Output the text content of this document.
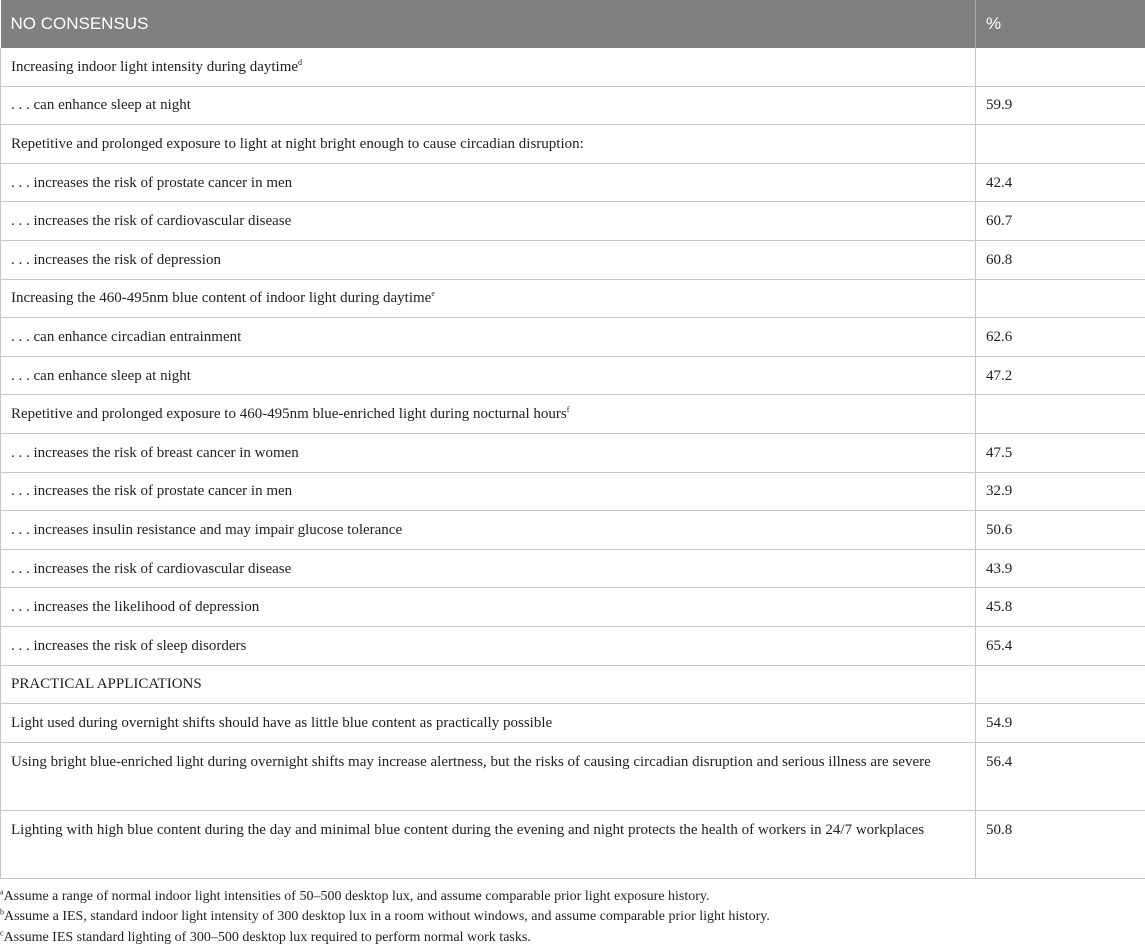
NO CONSENSUS	%
Increasing indoor light intensity during daytime$^d$	
. . . can enhance sleep at night	59.9
Repetitive and prolonged exposure to light at night bright enough to cause circadian disruption:	
. . . increases the risk of prostate cancer in men	42.4
. . . increases the risk of cardiovascular disease	60.7
. . . increases the risk of depression	60.8
Increasing the 460-495nm blue content of indoor light during daytime$^e$	
. . . can enhance circadian entrainment	62.6
. . . can enhance sleep at night	47.2
Repetitive and prolonged exposure to 460-495nm blue-enriched light during nocturnal hours$^f$	
. . . increases the risk of breast cancer in women	47.5
. . . increases the risk of prostate cancer in men	32.9
. . . increases insulin resistance and may impair glucose tolerance	50.6
. . . increases the risk of cardiovascular disease	43.9
. . . increases the likelihood of depression	45.8
. . . increases the risk of sleep disorders	65.4
PRACTICAL APPLICATIONS	
Light used during overnight shifts should have as little blue content as practically possible	54.9
Using bright blue-enriched light during overnight shifts may increase alertness, but the risks of causing circadian disruption and serious illness are severe	56.4
Lighting with high blue content during the day and minimal blue content during the evening and night protects the health of workers in 24/7 workplaces	50.8
$^a$Assume a range of normal indoor light intensities of 50–500 desktop lux, and assume comparable prior light exposure history.
$^b$Assume a IES, standard indoor light intensity of 300 desktop lux in a room without windows, and assume comparable prior light history.
$^c$Assume IES standard lighting of 300–500 desktop lux required to perform normal work tasks.
